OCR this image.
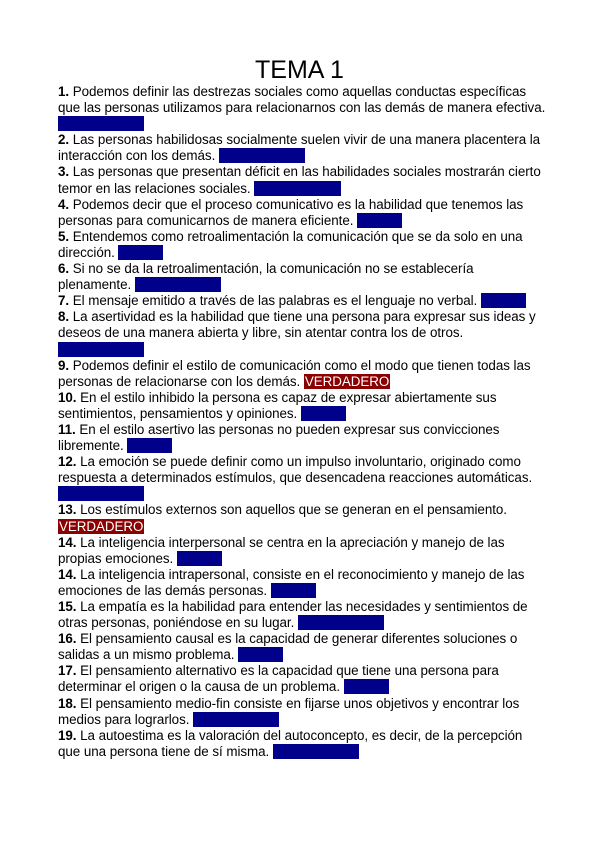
TEMA 1

1. Podemos definir las destrezas sociales como aquellas conductas específicas que las personas utilizamos para relacionarnos con las demás de manera efectiva. VERDADERO

2. Las personas habilidosas socialmente suelen vivir de una manera placentera la interacción con los demás. VERDADERO

3. Las personas que presentan déficit en las habilidades sociales mostrarán cierto temor en las relaciones sociales. VERDADERO

4. Podemos decir que el proceso comunicativo es la habilidad que tenemos las personas para comunicarnos de manera eficiente. FALSO

5. Entendemos como retroalimentación la comunicación que se da solo en una dirección. FALSO

6. Si no se da la retroalimentación, la comunicación no se establecería plenamente. VERDADERO

7. El mensaje emitido a través de las palabras es el lenguaje no verbal. FALSO

8. La asertividad es la habilidad que tiene una persona para expresar sus ideas y deseos de una manera abierta y libre, sin atentar contra los de otros. VERDADERO

9. Podemos definir el estilo de comunicación como el modo que tienen todas las personas de relacionarse con los demás. VERDADERO

10. En el estilo inhibido la persona es capaz de expresar abiertamente sus sentimientos, pensamientos y opiniones. FALSO

11. En el estilo asertivo las personas no pueden expresar sus convicciones libremente. FALSO

12. La emoción se puede definir como un impulso involuntario, originado como respuesta a determinados estímulos, que desencadena reacciones automáticas. VERDADERO

13. Los estímulos externos son aquellos que se generan en el pensamiento. VERDADERO

14. La inteligencia interpersonal se centra en la apreciación y manejo de las propias emociones. FALSO

14. La inteligencia intrapersonal, consiste en el reconocimiento y manejo de las emociones de las demás personas. FALSO

15. La empatía es la habilidad para entender las necesidades y sentimientos de otras personas, poniéndose en su lugar. VERDADERO

16. El pensamiento causal es la capacidad de generar diferentes soluciones o salidas a un mismo problema. FALSO

17. El pensamiento alternativo es la capacidad que tiene una persona para determinar el origen o la causa de un problema. FALSO

18. El pensamiento medio-fin consiste en fijarse unos objetivos y encontrar los medios para lograrlos. VERDADERO

19. La autoestima es la valoración del autoconcepto, es decir, de la percepción que una persona tiene de sí misma. VERDADERO
